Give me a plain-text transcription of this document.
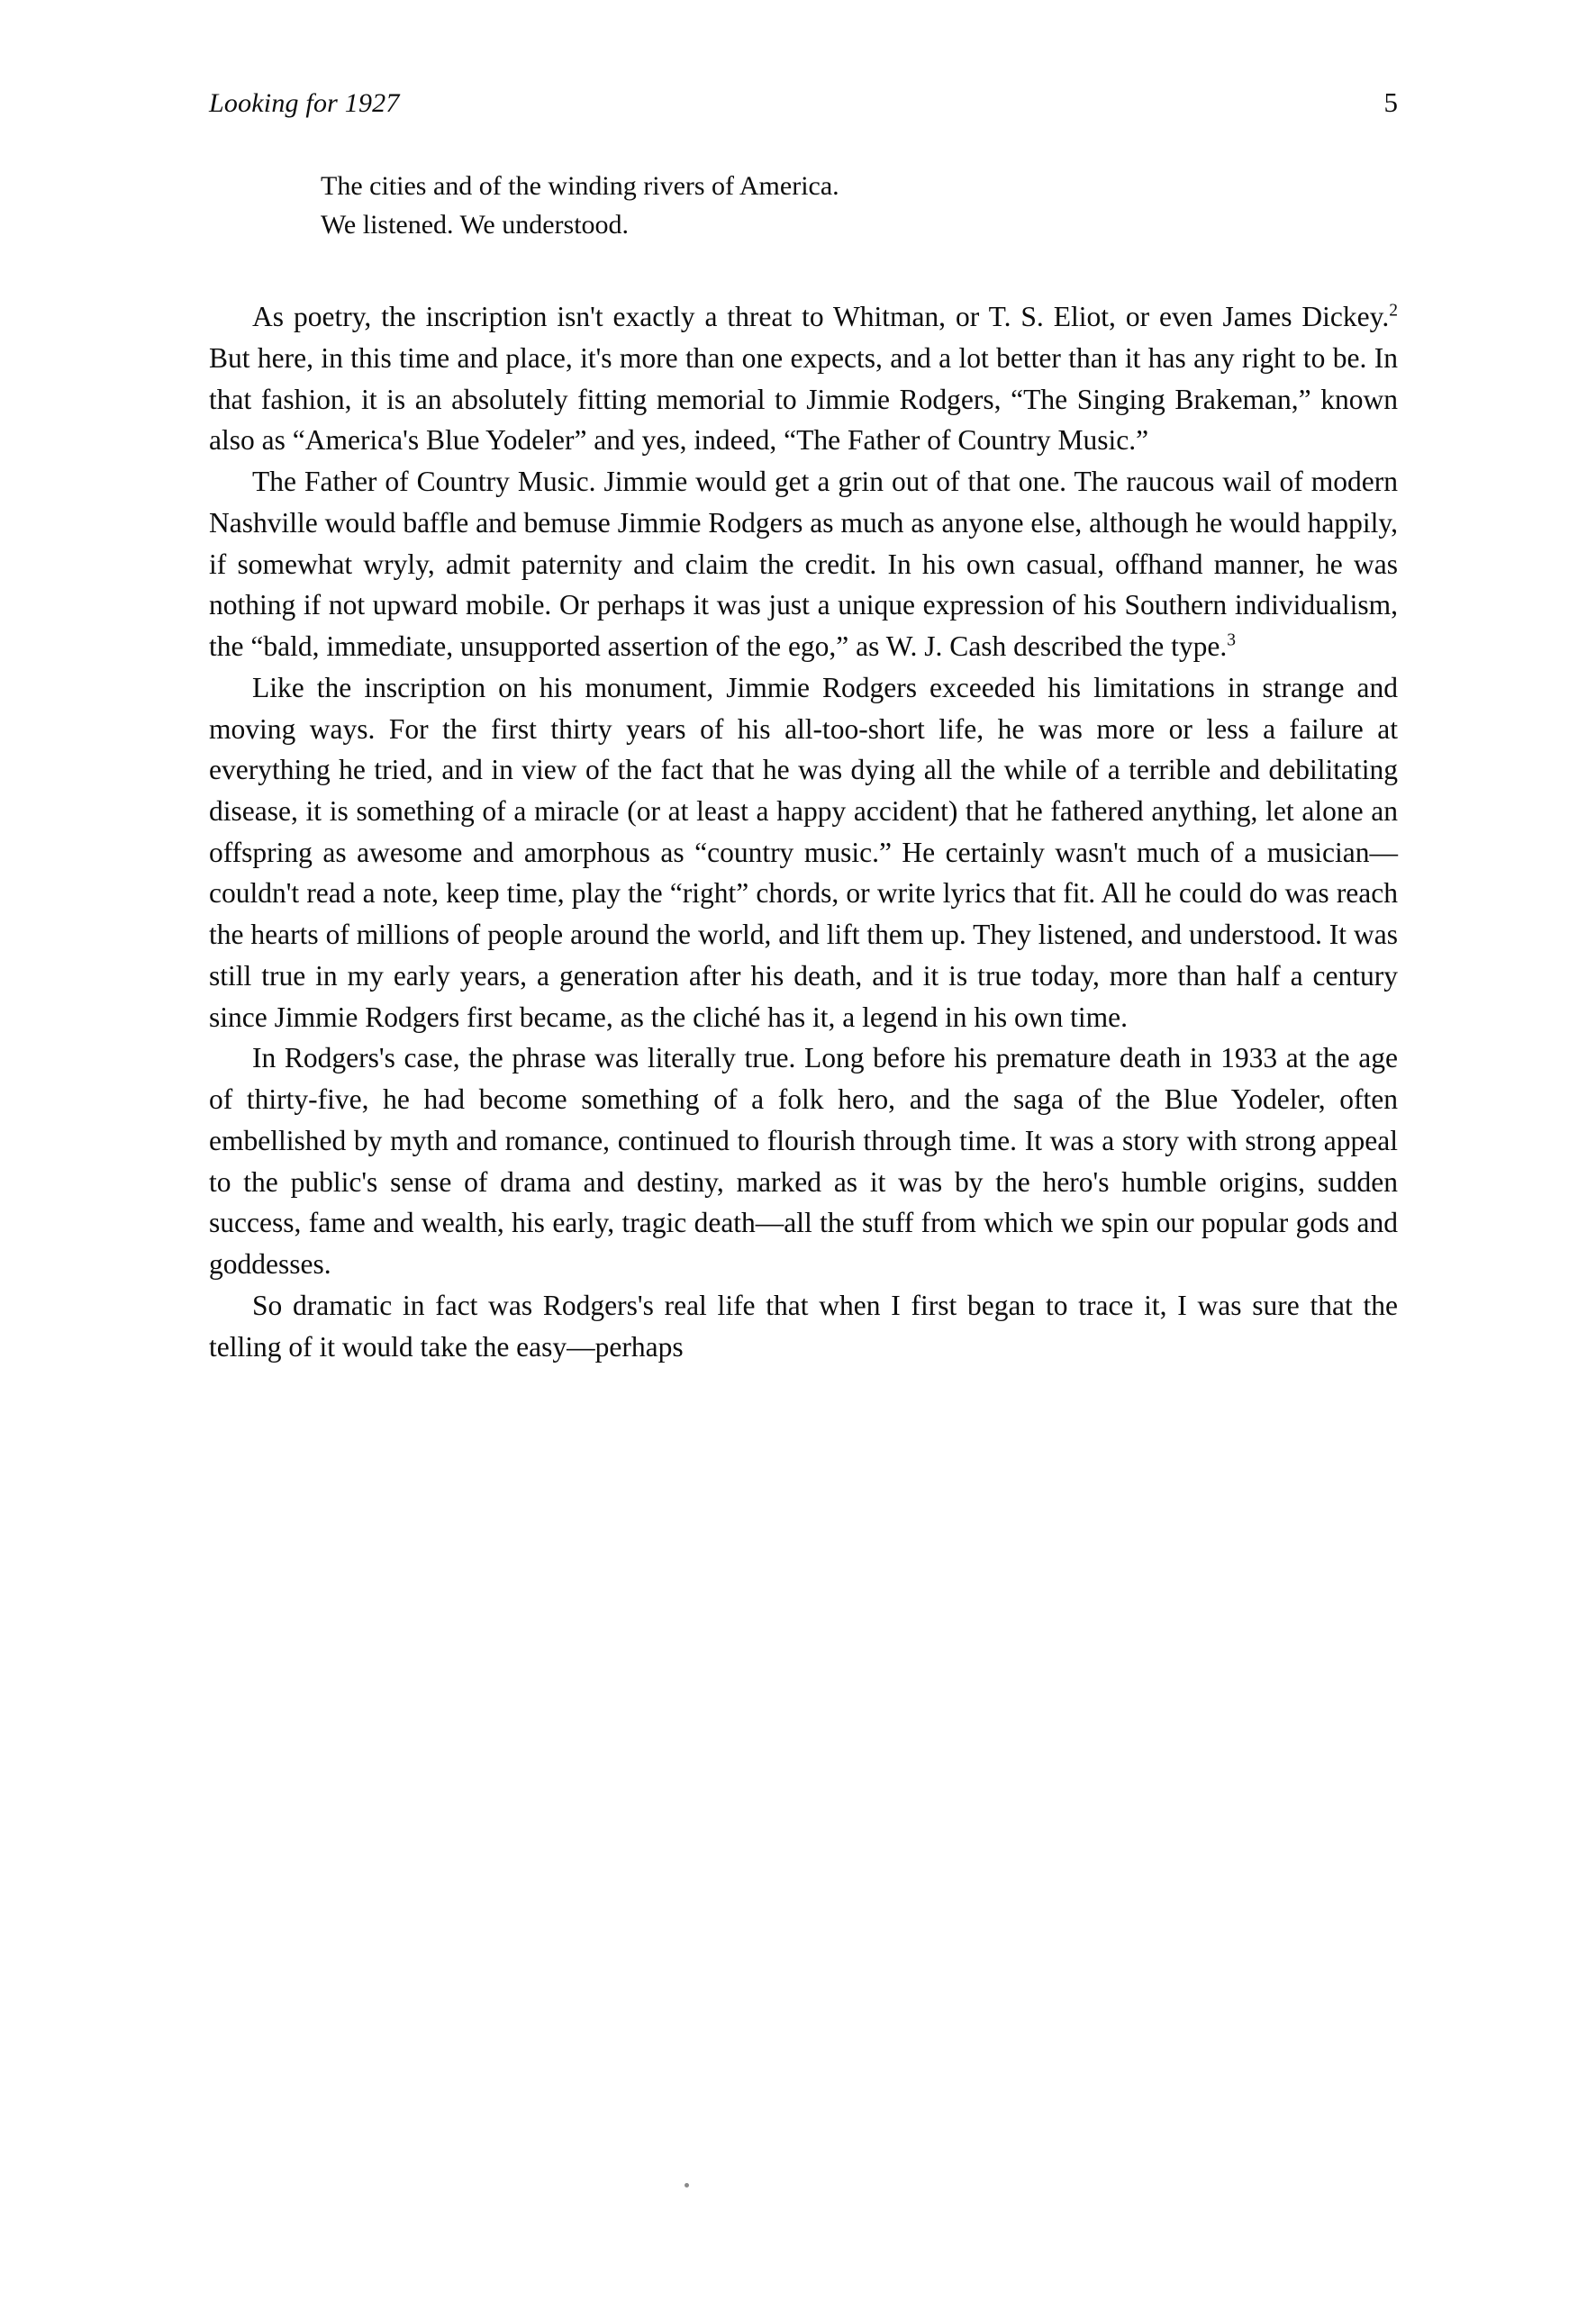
Looking for 1927	5
The cities and of the winding rivers of America.
We listened. We understood.

As poetry, the inscription isn't exactly a threat to Whitman, or T. S. Eliot, or even James Dickey.$^2$ But here, in this time and place, it's more than one expects, and a lot better than it has any right to be. In that fashion, it is an absolutely fitting memorial to Jimmie Rodgers, “The Singing Brakeman,” known also as “America's Blue Yodeler” and yes, indeed, “The Father of Country Music.”

The Father of Country Music. Jimmie would get a grin out of that one. The raucous wail of modern Nashville would baffle and bemuse Jimmie Rodgers as much as anyone else, although he would happily, if somewhat wryly, admit paternity and claim the credit. In his own casual, offhand manner, he was nothing if not upward mobile. Or perhaps it was just a unique expression of his Southern individualism, the “bald, immediate, unsupported assertion of the ego,” as W. J. Cash described the type.$^3$

Like the inscription on his monument, Jimmie Rodgers exceeded his limitations in strange and moving ways. For the first thirty years of his all-too-short life, he was more or less a failure at everything he tried, and in view of the fact that he was dying all the while of a terrible and debilitating disease, it is something of a miracle (or at least a happy accident) that he fathered anything, let alone an offspring as awesome and amorphous as “country music.” He certainly wasn't much of a musician—couldn't read a note, keep time, play the “right” chords, or write lyrics that fit. All he could do was reach the hearts of millions of people around the world, and lift them up. They listened, and understood. It was still true in my early years, a generation after his death, and it is true today, more than half a century since Jimmie Rodgers first became, as the cliché has it, a legend in his own time.

In Rodgers's case, the phrase was literally true. Long before his premature death in 1933 at the age of thirty-five, he had become something of a folk hero, and the saga of the Blue Yodeler, often embellished by myth and romance, continued to flourish through time. It was a story with strong appeal to the public's sense of drama and destiny, marked as it was by the hero's humble origins, sudden success, fame and wealth, his early, tragic death—all the stuff from which we spin our popular gods and goddesses.

So dramatic in fact was Rodgers's real life that when I first began to trace it, I was sure that the telling of it would take the easy—perhaps
